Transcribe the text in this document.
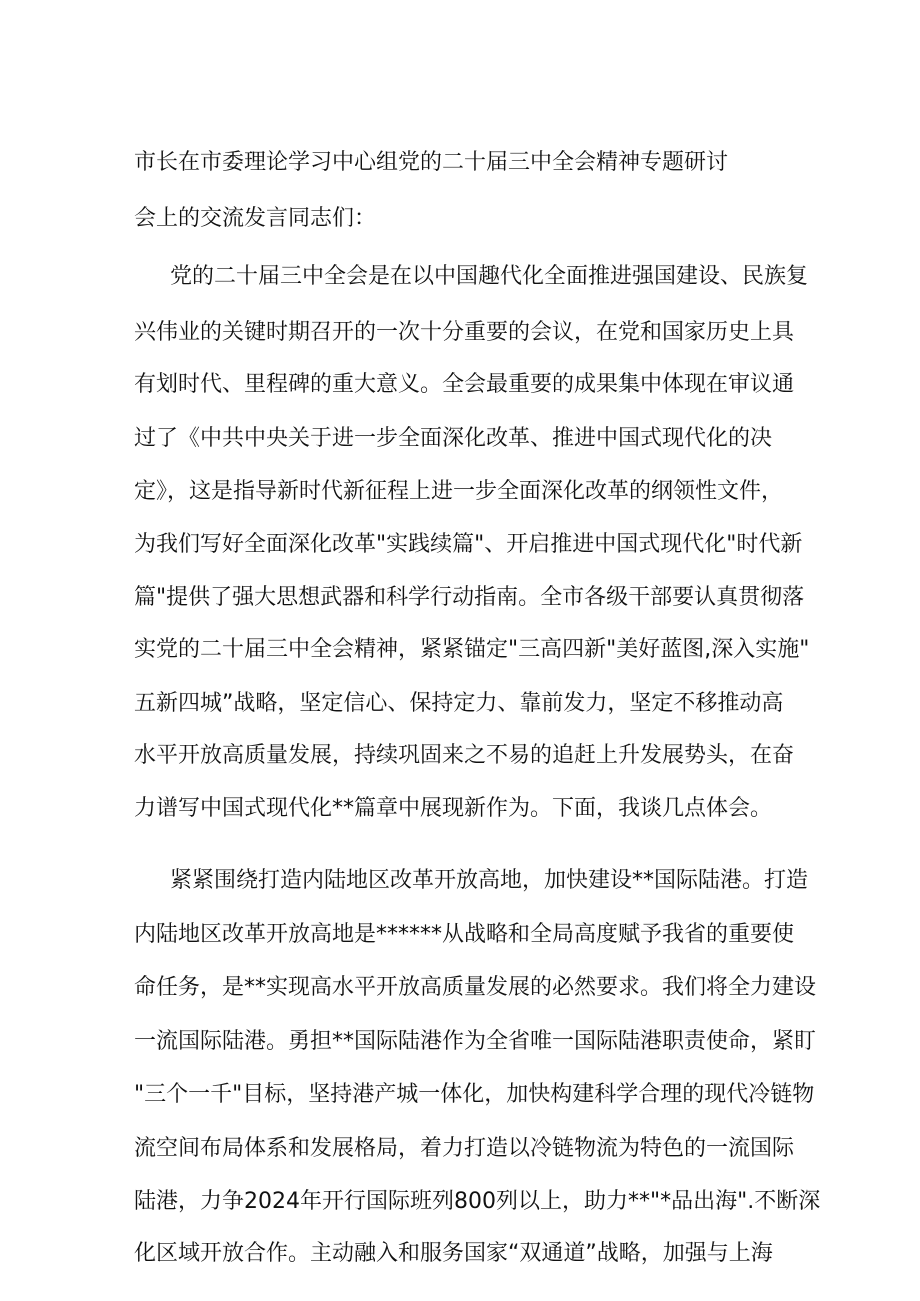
市长在市委理论学习中心组党的二十届三中全会精神专题研讨
会上的交流发言同志们：
党的二十届三中全会是在以中国趣代化全面推进强国建设、民族复
兴伟业的关键时期召开的一次十分重要的会议，在党和国家历史上具
有划时代、里程碑的重大意义。全会最重要的成果集中体现在审议通
过了《中共中央关于进一步全面深化改革、推进中国式现代化的决
定》，这是指导新时代新征程上进一步全面深化改革的纲领性文件，
为我们写好全面深化改革"实践续篇"、开启推进中国式现代化"时代新
篇"提供了强大思想武器和科学行动指南。全市各级干部要认真贯彻落
实党的二十届三中全会精神，紧紧锚定"三高四新"美好蓝图,深入实施"
五新四城”战略，坚定信心、保持定力、靠前发力，坚定不移推动高
水平开放高质量发展，持续巩固来之不易的追赶上升发展势头，在奋
力谱写中国式现代化**篇章中展现新作为。下面，我谈几点体会。
紧紧围绕打造内陆地区改革开放高地，加快建设**国际陆港。打造
内陆地区改革开放高地是******从战略和全局高度赋予我省的重要使
命任务，是**实现高水平开放高质量发展的必然要求。我们将全力建设
一流国际陆港。勇担**国际陆港作为全省唯一国际陆港职责使命，紧盯
"三个一千"目标，坚持港产城一体化，加快构建科学合理的现代冷链物
流空间布局体系和发展格局，着力打造以冷链物流为特色的一流国际
陆港，力争2024年开行国际班列800列以上，助力**"*品出海".不断深
化区域开放合作。主动融入和服务国家“双通道”战略，加强与上海
